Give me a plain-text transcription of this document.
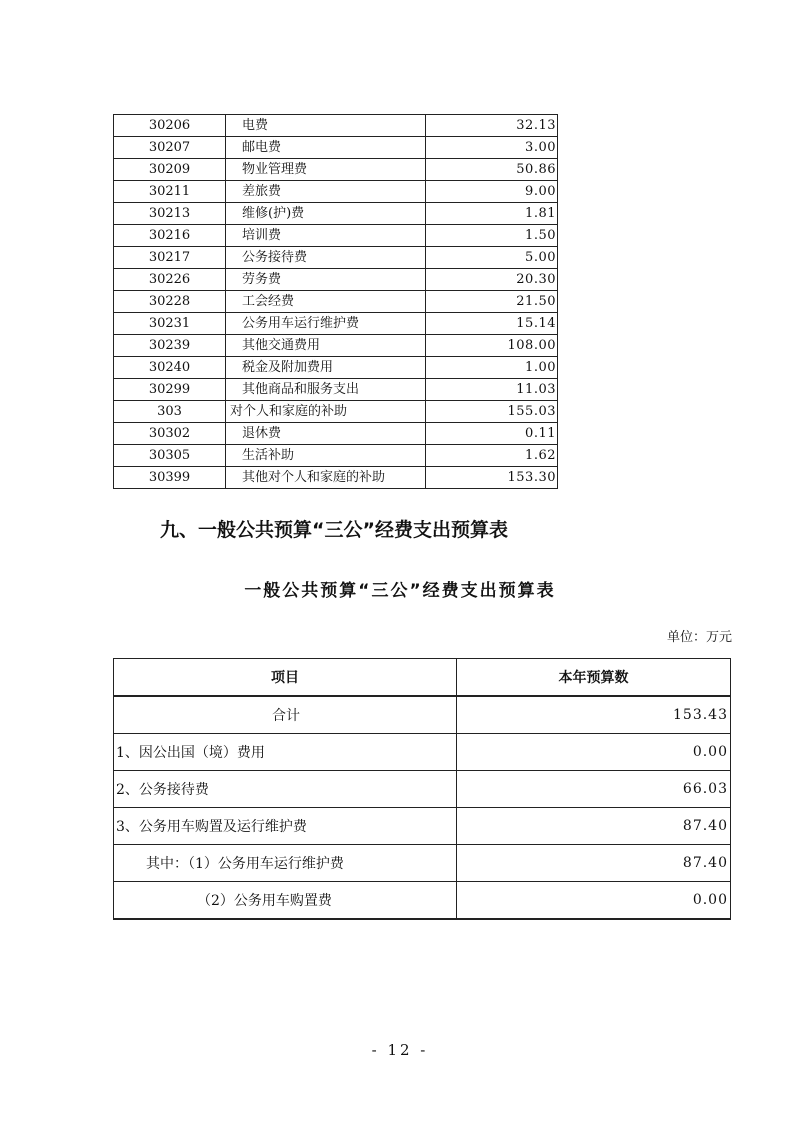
30206	电费	32.13
30207	邮电费	3.00
30209	物业管理费	50.86
30211	差旅费	9.00
30213	维修(护)费	1.81
30216	培训费	1.50
30217	公务接待费	5.00
30226	劳务费	20.30
30228	工会经费	21.50
30231	公务用车运行维护费	15.14
30239	其他交通费用	108.00
30240	税金及附加费用	1.00
30299	其他商品和服务支出	11.03
303	对个人和家庭的补助	155.03
30302	退休费	0.11
30305	生活补助	1.62
30399	其他对个人和家庭的补助	153.30
九、一般公共预算“三公”经费支出预算表
一般公共预算“三公”经费支出预算表
单位：万元
项目	本年预算数
合计	153.43
1、因公出国（境）费用	0.00
2、公务接待费	66.03
3、公务用车购置及运行维护费	87.40
其中：（1）公务用车运行维护费	87.40
（2）公务用车购置费	0.00
- 12 -
